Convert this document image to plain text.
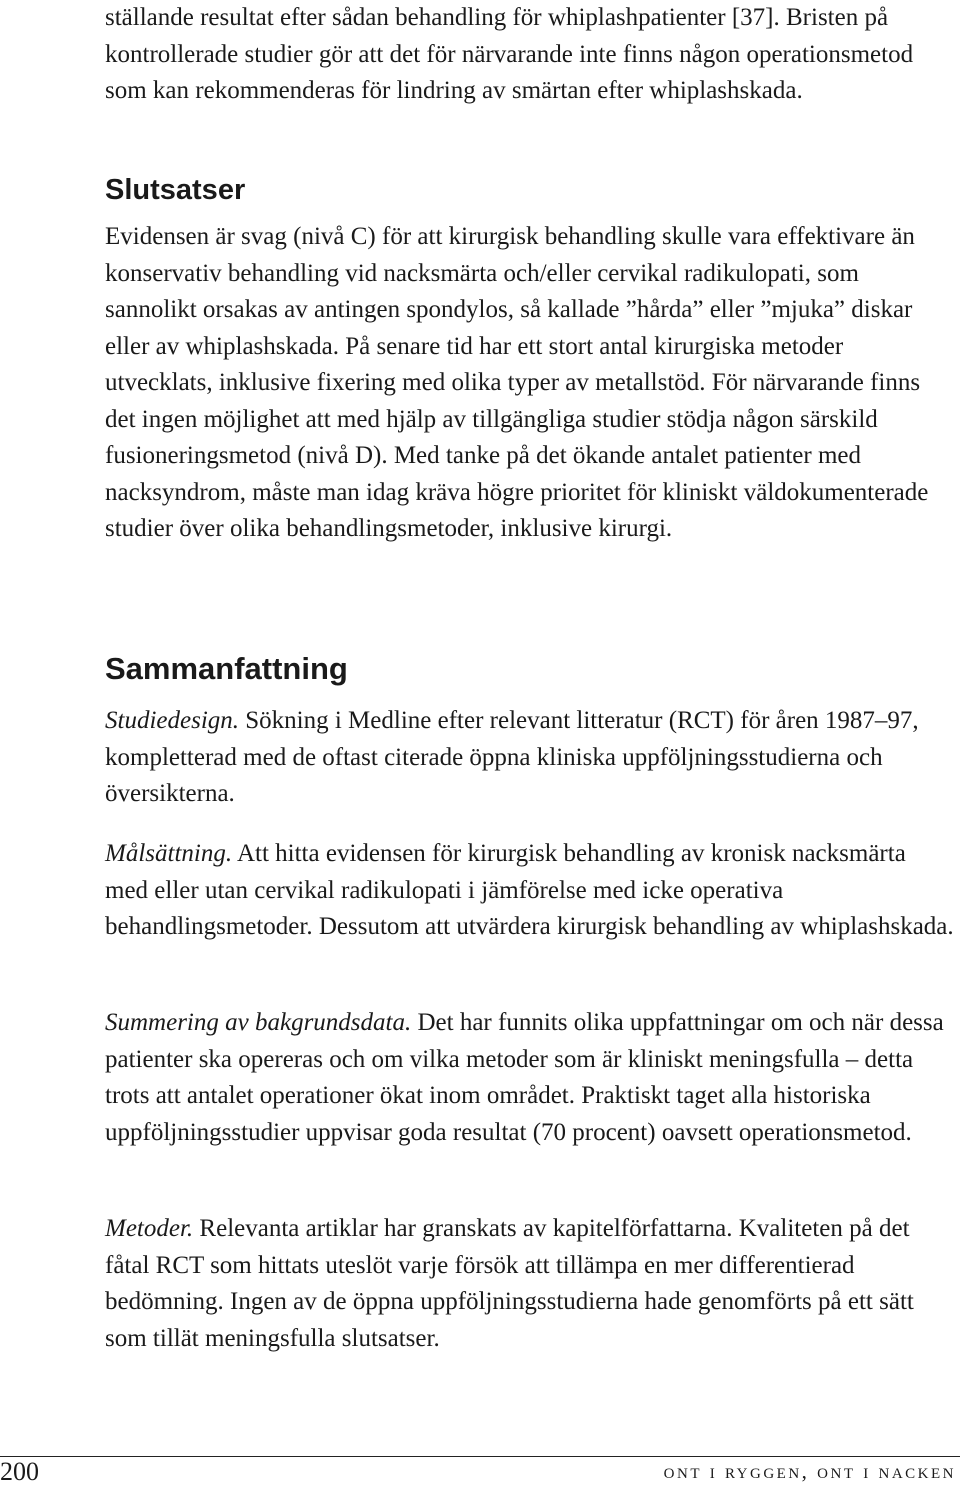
ställande resultat efter sådan behandling för whiplashpatienter [37]. Bristen på kontrollerade studier gör att det för närvarande inte finns någon operationsmetod som kan rekommenderas för lindring av smärtan efter whiplashskada.

Slutsatser

Evidensen är svag (nivå C) för att kirurgisk behandling skulle vara effektivare än konservativ behandling vid nacksmärta och/eller cervikal radikulopati, som sannolikt orsakas av antingen spondylos, så kallade ”hårda” eller ”mjuka” diskar eller av whiplashskada. På senare tid har ett stort antal kirurgiska metoder utvecklats, inklusive fixering med olika typer av metallstöd. För närvarande finns det ingen möjlighet att med hjälp av tillgängliga studier stödja någon särskild fusioneringsmetod (nivå D). Med tanke på det ökande antalet patienter med nacksyndrom, måste man idag kräva högre prioritet för kliniskt väldokumenterade studier över olika behandlingsmetoder, inklusive kirurgi.

Sammanfattning

Studiedesign. Sökning i Medline efter relevant litteratur (RCT) för åren 1987–97, kompletterad med de oftast citerade öppna kliniska uppföljningsstudierna och översikterna.

Målsättning. Att hitta evidensen för kirurgisk behandling av kronisk nacksmärta med eller utan cervikal radikulopati i jämförelse med icke operativa behandlingsmetoder. Dessutom att utvärdera kirurgisk behandling av whiplashskada.

Summering av bakgrundsdata. Det har funnits olika uppfattningar om och när dessa patienter ska opereras och om vilka metoder som är kliniskt meningsfulla – detta trots att antalet operationer ökat inom området. Praktiskt taget alla historiska uppföljningsstudier uppvisar goda resultat (70 procent) oavsett operationsmetod.

Metoder. Relevanta artiklar har granskats av kapitelförfattarna. Kvaliteten på det fåtal RCT som hittats uteslöt varje försök att tillämpa en mer differentierad bedömning. Ingen av de öppna uppföljningsstudierna hade genomförts på ett sätt som tillät meningsfulla slutsatser.

200	ont i ryggen, ont i nacken
